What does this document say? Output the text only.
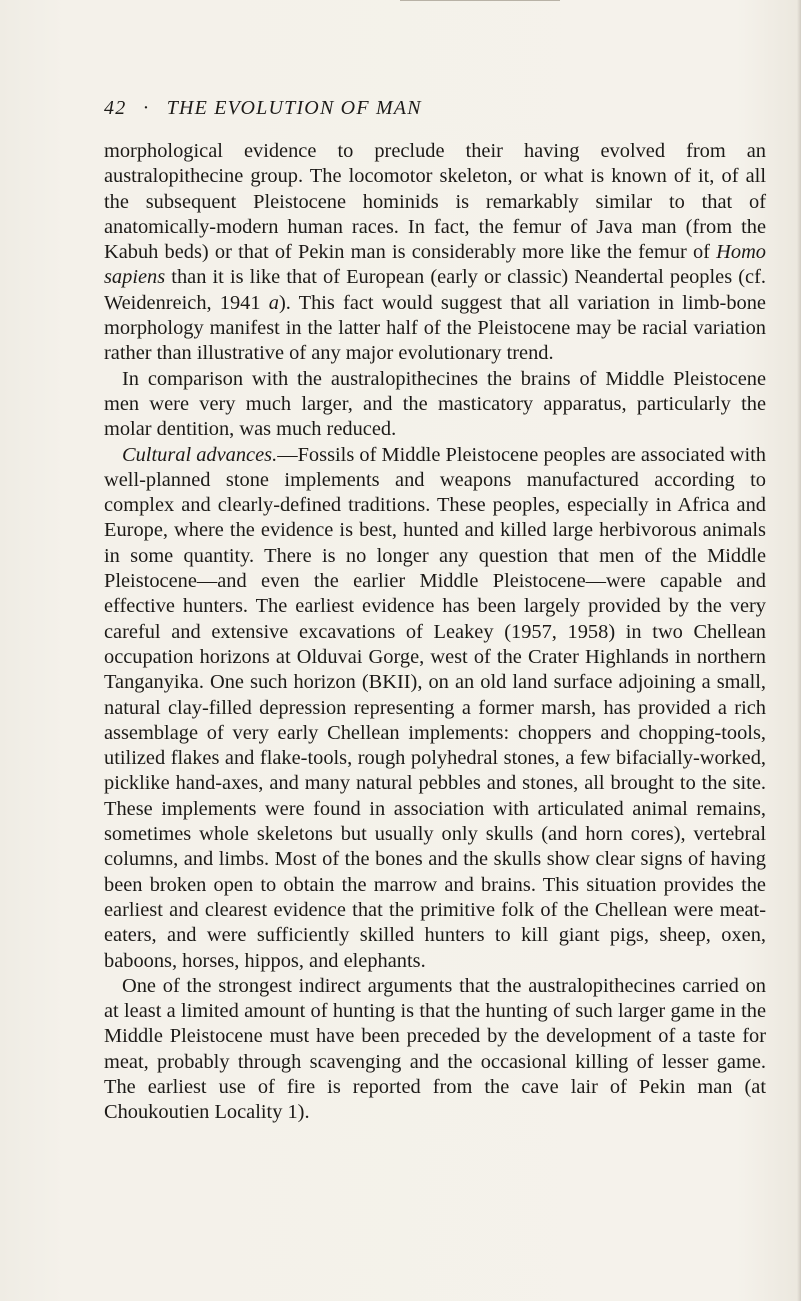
42 · THE EVOLUTION OF MAN

morphological evidence to preclude their having evolved from an australopithecine group. The locomotor skeleton, or what is known of it, of all the subsequent Pleistocene hominids is remarkably similar to that of anatomically-modern human races. In fact, the femur of Java man (from the Kabuh beds) or that of Pekin man is considerably more like the femur of Homo sapiens than it is like that of European (early or classic) Neandertal peoples (cf. Weidenreich, 1941 a). This fact would suggest that all variation in limb-bone morphology manifest in the latter half of the Pleistocene may be racial variation rather than illustrative of any major evolutionary trend.

In comparison with the australopithecines the brains of Middle Pleistocene men were very much larger, and the masticatory apparatus, particularly the molar dentition, was much reduced.

Cultural advances.—Fossils of Middle Pleistocene peoples are associated with well-planned stone implements and weapons manufactured according to complex and clearly-defined traditions. These peoples, especially in Africa and Europe, where the evidence is best, hunted and killed large herbivorous animals in some quantity. There is no longer any question that men of the Middle Pleistocene—and even the earlier Middle Pleistocene—were capable and effective hunters. The earliest evidence has been largely provided by the very careful and extensive excavations of Leakey (1957, 1958) in two Chellean occupation horizons at Olduvai Gorge, west of the Crater Highlands in northern Tanganyika. One such horizon (BKII), on an old land surface adjoining a small, natural clay-filled depression representing a former marsh, has provided a rich assemblage of very early Chellean implements: choppers and chopping-tools, utilized flakes and flake-tools, rough polyhedral stones, a few bifacially-worked, picklike hand-axes, and many natural pebbles and stones, all brought to the site. These implements were found in association with articulated animal remains, sometimes whole skeletons but usually only skulls (and horn cores), vertebral columns, and limbs. Most of the bones and the skulls show clear signs of having been broken open to obtain the marrow and brains. This situation provides the earliest and clearest evidence that the primitive folk of the Chellean were meat-eaters, and were sufficiently skilled hunters to kill giant pigs, sheep, oxen, baboons, horses, hippos, and elephants.

One of the strongest indirect arguments that the australopithecines carried on at least a limited amount of hunting is that the hunting of such larger game in the Middle Pleistocene must have been preceded by the development of a taste for meat, probably through scavenging and the occasional killing of lesser game. The earliest use of fire is reported from the cave lair of Pekin man (at Choukoutien Locality 1).
